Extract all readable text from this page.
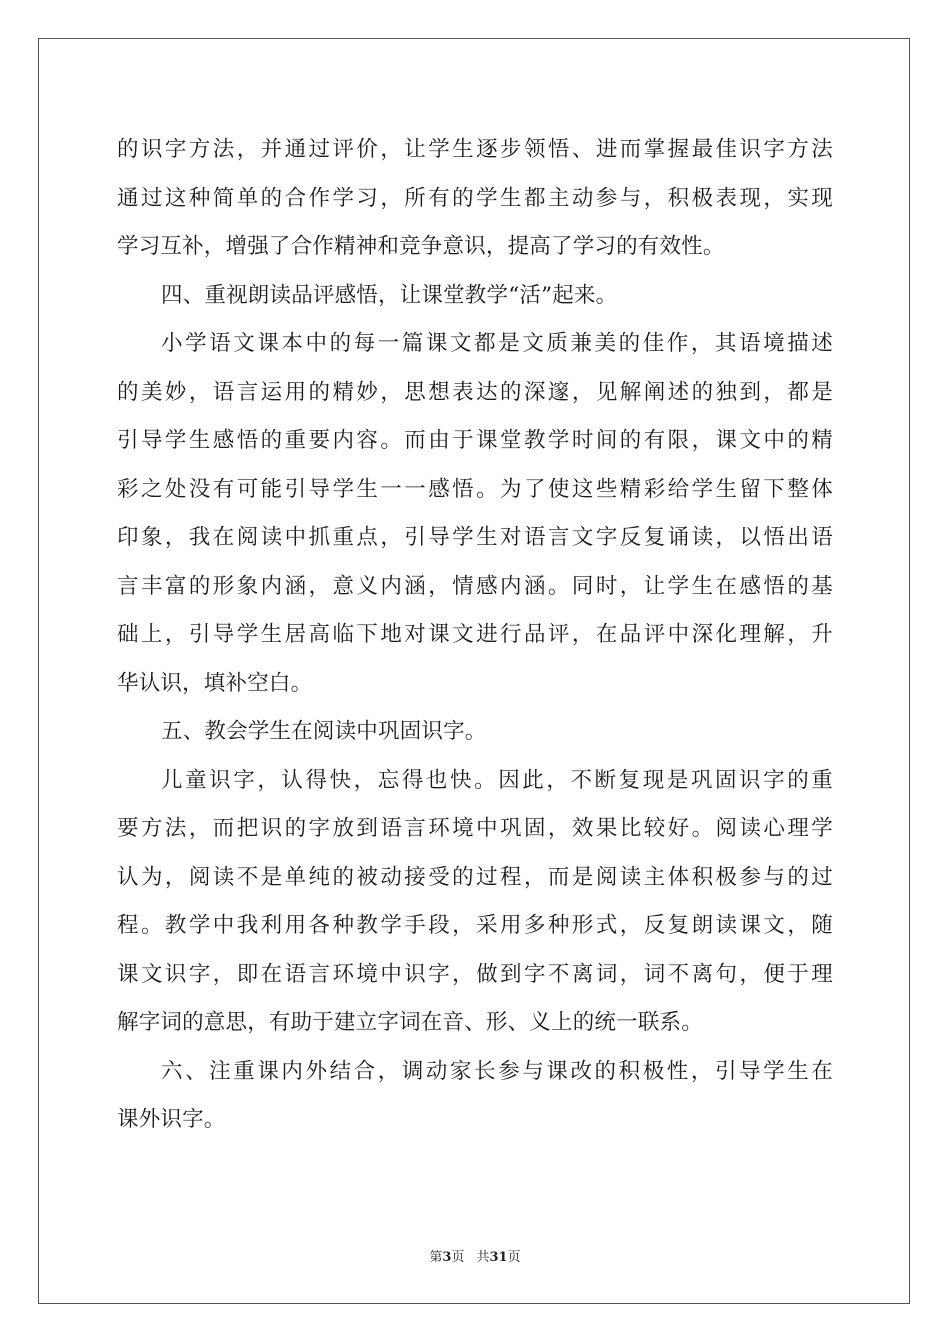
的识字方法，并通过评价，让学生逐步领悟、进而掌握最佳识字方法
通过这种简单的合作学习，所有的学生都主动参与，积极表现，实现
学习互补，增强了合作精神和竞争意识，提高了学习的有效性。
四、重视朗读品评感悟，让课堂教学“活”起来。
小学语文课本中的每一篇课文都是文质兼美的佳作，其语境描述
的美妙，语言运用的精妙，思想表达的深邃，见解阐述的独到，都是
引导学生感悟的重要内容。而由于课堂教学时间的有限，课文中的精
彩之处没有可能引导学生一一感悟。为了使这些精彩给学生留下整体
印象，我在阅读中抓重点，引导学生对语言文字反复诵读，以悟出语
言丰富的形象内涵，意义内涵，情感内涵。同时，让学生在感悟的基
础上，引导学生居高临下地对课文进行品评，在品评中深化理解，升
华认识，填补空白。
五、教会学生在阅读中巩固识字。
儿童识字，认得快，忘得也快。因此，不断复现是巩固识字的重
要方法，而把识的字放到语言环境中巩固，效果比较好。阅读心理学
认为，阅读不是单纯的被动接受的过程，而是阅读主体积极参与的过
程。教学中我利用各种教学手段，采用多种形式，反复朗读课文，随
课文识字，即在语言环境中识字，做到字不离词，词不离句，便于理
解字词的意思，有助于建立字词在音、形、义上的统一联系。
六、注重课内外结合，调动家长参与课改的积极性，引导学生在
课外识字。
第3页 共31页
